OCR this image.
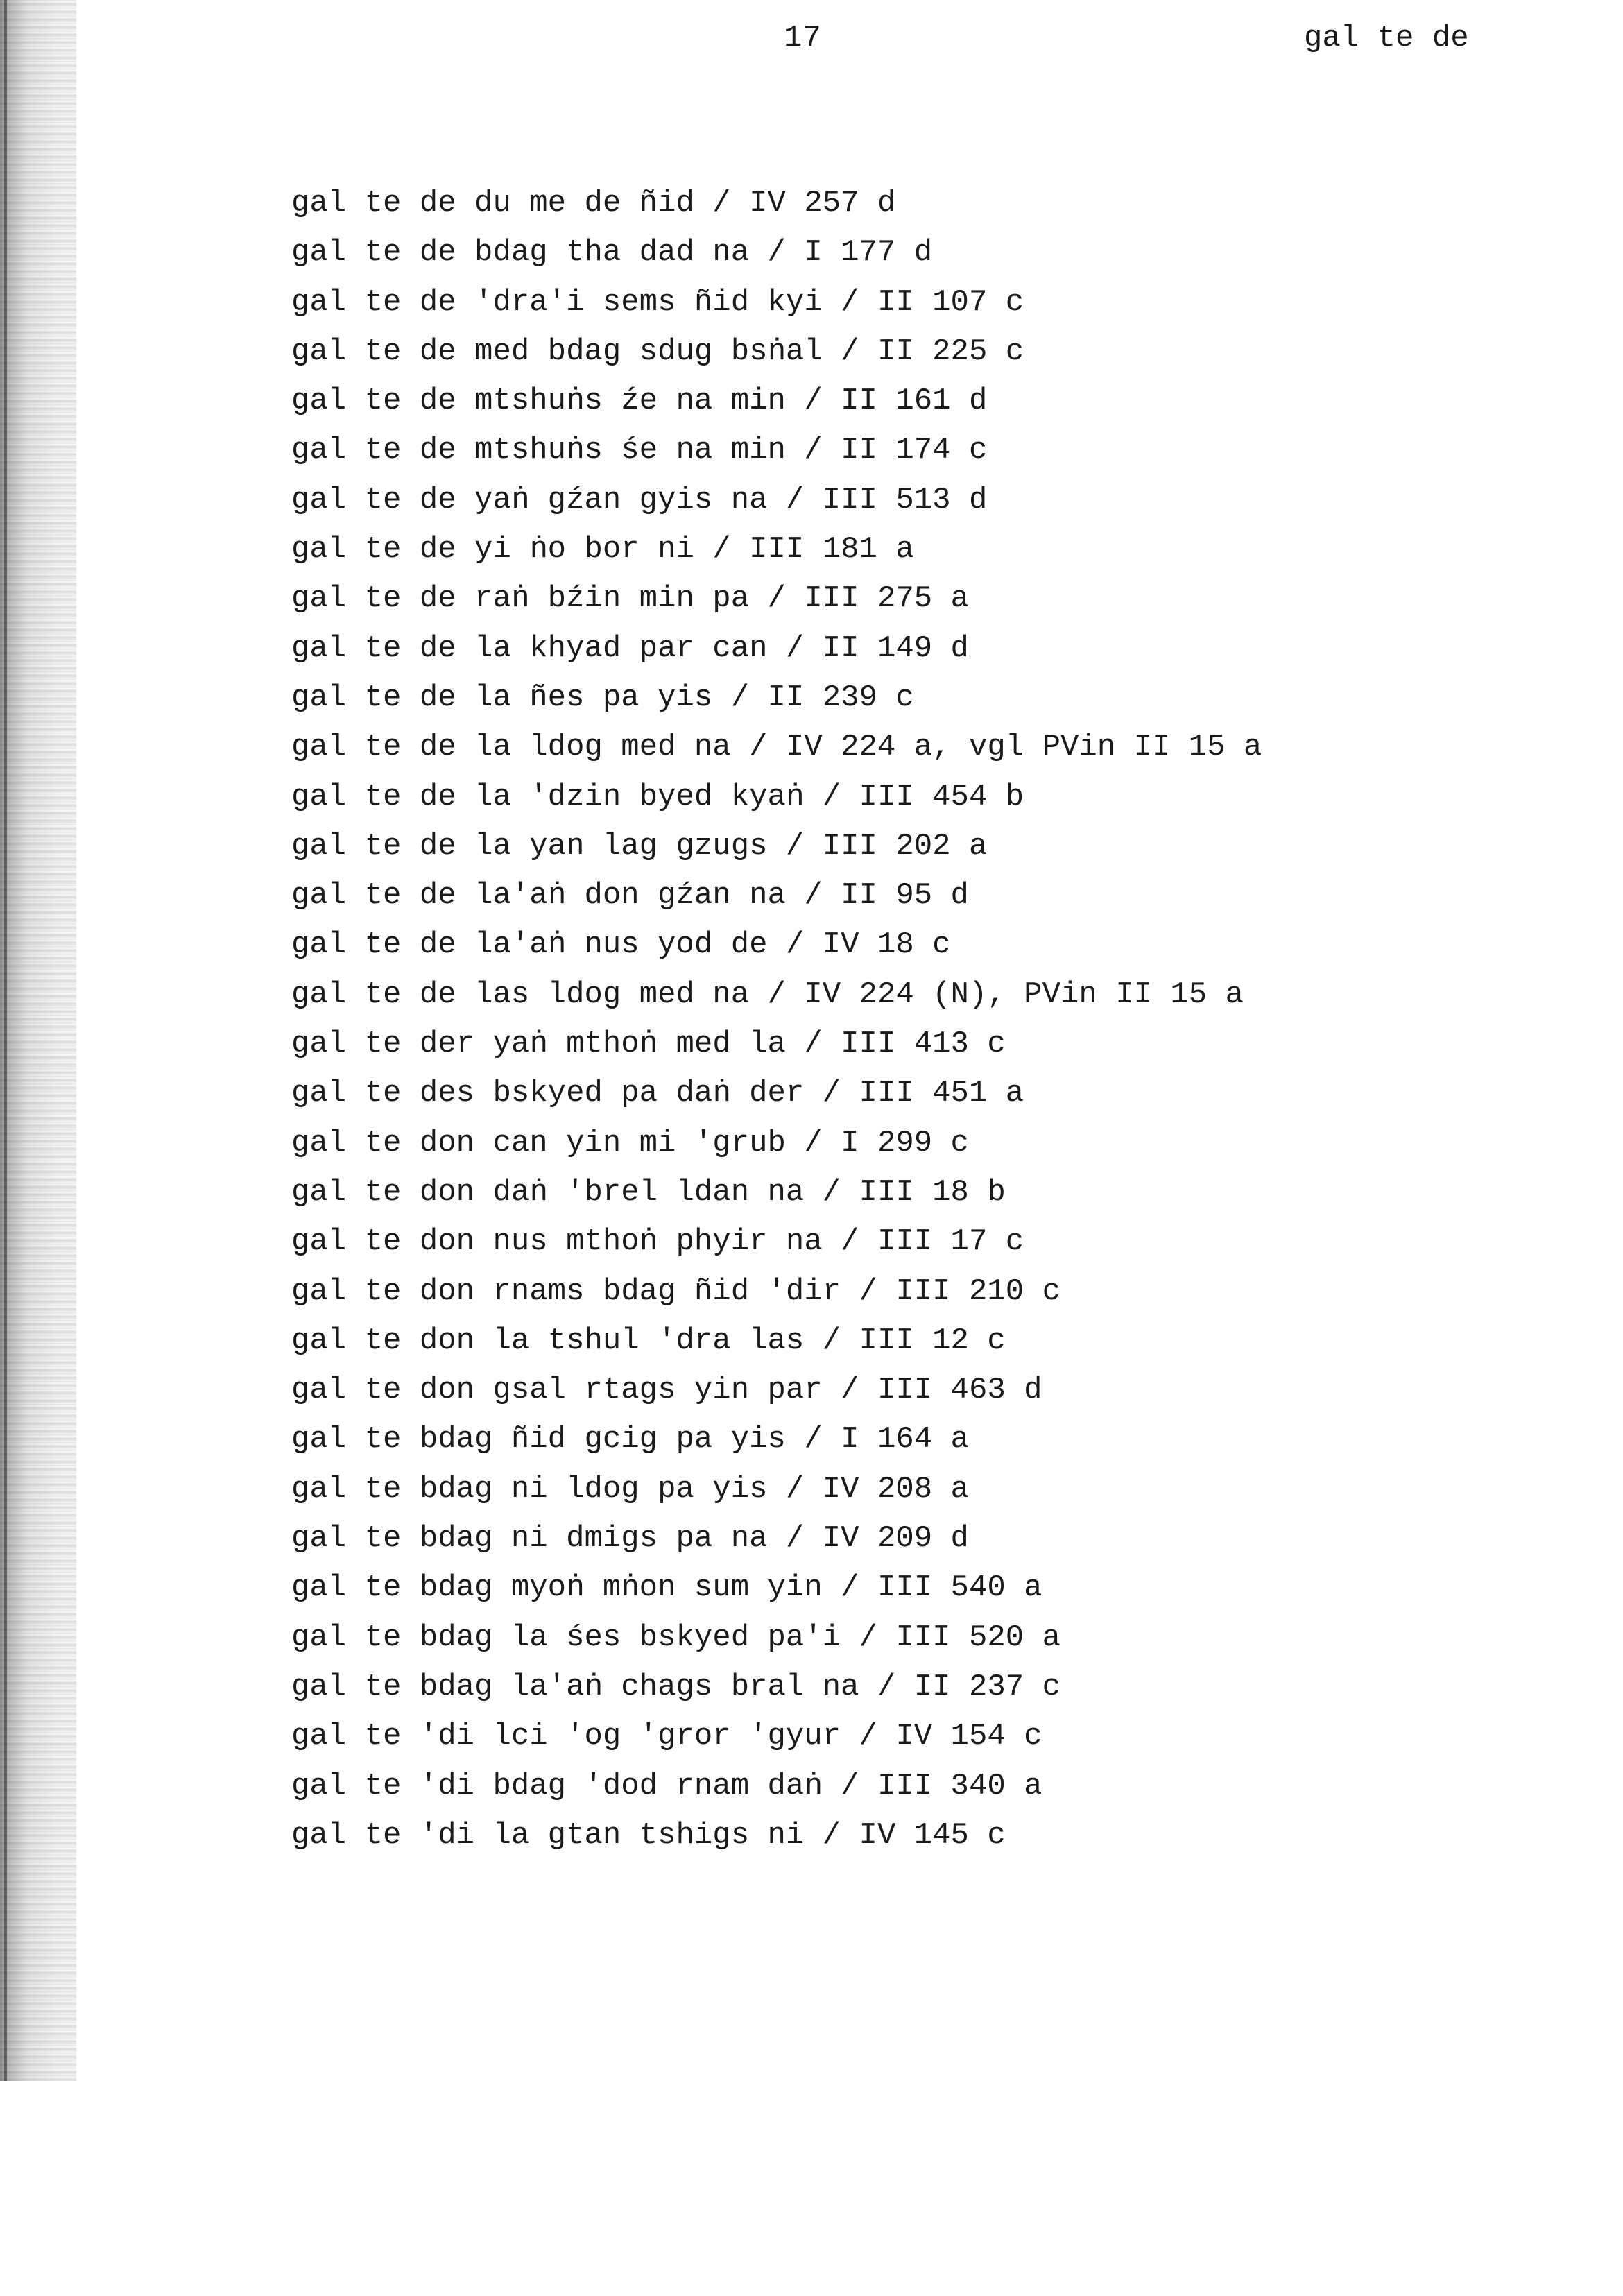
17	gal te de
gal te de du me de ñid / IV 257 d
gal te de bdag tha dad na / I 177 d
gal te de 'dra'i sems ñid kyi / II 107 c
gal te de med bdag sdug bsṅal / II 225 c
gal te de mtshuṅs źe na min / II 161 d
gal te de mtshuṅs śe na min / II 174 c
gal te de yaṅ gźan gyis na / III 513 d
gal te de yi ṅo bor ni / III 181 a
gal te de raṅ bźin min pa / III 275 a
gal te de la khyad par can / II 149 d
gal te de la ñes pa yis / II 239 c
gal te de la ldog med na / IV 224 a, vgl PVin II 15 a
gal te de la 'dzin byed kyaṅ / III 454 b
gal te de la yan lag gzugs / III 202 a
gal te de la'aṅ don gźan na / II 95 d
gal te de la'aṅ nus yod de / IV 18 c
gal te de las ldog med na / IV 224 (N), PVin II 15 a
gal te der yaṅ mthoṅ med la / III 413 c
gal te des bskyed pa daṅ der / III 451 a
gal te don can yin mi 'grub / I 299 c
gal te don daṅ 'brel ldan na / III 18 b
gal te don nus mthoṅ phyir na / III 17 c
gal te don rnams bdag ñid 'dir / III 210 c
gal te don la tshul 'dra las / III 12 c
gal te don gsal rtags yin par / III 463 d
gal te bdag ñid gcig pa yis / I 164 a
gal te bdag ni ldog pa yis / IV 208 a
gal te bdag ni dmigs pa na / IV 209 d
gal te bdag myoṅ mṅon sum yin / III 540 a
gal te bdag la śes bskyed pa'i / III 520 a
gal te bdag la'aṅ chags bral na / II 237 c
gal te 'di lci 'og 'gror 'gyur / IV 154 c
gal te 'di bdag 'dod rnam daṅ / III 340 a
gal te 'di la gtan tshigs ni / IV 145 c
